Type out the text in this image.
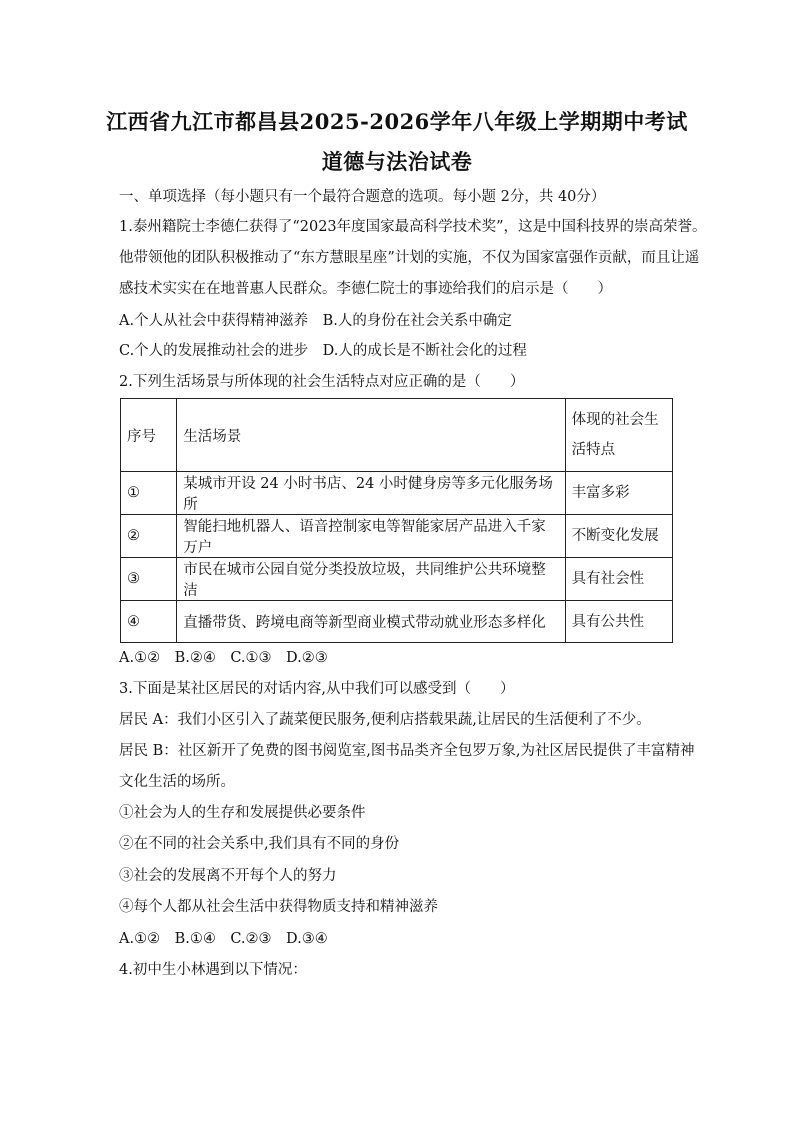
江西省九江市都昌县2025-2026学年八年级上学期期中考试
道德与法治试卷
一、单项选择（每小题只有一个最符合题意的选项。每小题 2分，共 40分）
1.泰州籍院士李德仁获得了“2023年度国家最高科学技术奖”，这是中国科技界的崇高荣誉。
他带领他的团队积极推动了“东方慧眼星座”计划的实施，不仅为国家富强作贡献，而且让遥
感技术实实在在地普惠人民群众。李德仁院士的事迹给我们的启示是（　　）
A.个人从社会中获得精神滋养　B.人的身份在社会关系中确定
C.个人的发展推动社会的进步　D.人的成长是不断社会化的过程
2.下列生活场景与所体现的社会生活特点对应正确的是（　　）
序号	生活场景	体现的社会生活特点
①	某城市开设 24 小时书店、24 小时健身房等多元化服务场所	丰富多彩
②	智能扫地机器人、语音控制家电等智能家居产品进入千家万户	不断变化发展
③	市民在城市公园自觉分类投放垃圾，共同维护公共环境整洁	具有社会性
④	直播带货、跨境电商等新型商业模式带动就业形态多样化	具有公共性
A.①②　B.②④　C.①③　D.②③
3.下面是某社区居民的对话内容,从中我们可以感受到（　　）
居民 A：我们小区引入了蔬菜便民服务,便利店搭载果蔬,让居民的生活便利了不少。
居民 B：社区新开了免费的图书阅览室,图书品类齐全包罗万象,为社区居民提供了丰富精神
文化生活的场所。
①社会为人的生存和发展提供必要条件
②在不同的社会关系中,我们具有不同的身份
③社会的发展离不开每个人的努力
④每个人都从社会生活中获得物质支持和精神滋养
A.①②　B.①④　C.②③　D.③④
4.初中生小林遇到以下情况：
